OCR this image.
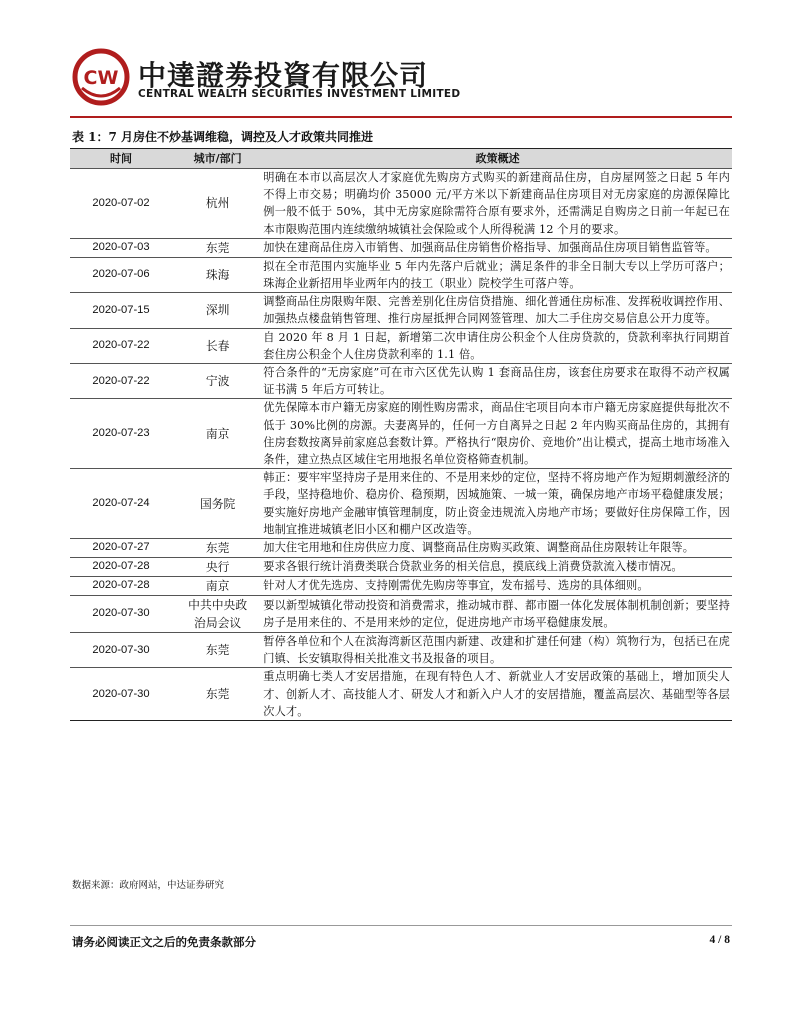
CW 中達證劵投資有限公司
CENTRAL WEALTH SECURITIES INVESTMENT LIMITED
表 1：7 月房住不炒基调维稳，调控及人才政策共同推进
时间	城市/部门	政策概述
2020-07-02	杭州	明确在本市以高层次人才家庭优先购房方式购买的新建商品住房，自房屋网签之日起 5 年内不得上市交易；明确均价 35000 元/平方米以下新建商品住房项目对无房家庭的房源保障比例一般不低于 50%，其中无房家庭除需符合原有要求外，还需满足自购房之日前一年起已在本市限购范围内连续缴纳城镇社会保险或个人所得税满 12 个月的要求。
2020-07-03	东莞	加快在建商品住房入市销售、加强商品住房销售价格指导、加强商品住房项目销售监管等。
2020-07-06	珠海	拟在全市范围内实施毕业 5 年内先落户后就业；满足条件的非全日制大专以上学历可落户；珠海企业新招用毕业两年内的技工（职业）院校学生可落户等。
2020-07-15	深圳	调整商品住房限购年限、完善差别化住房信贷措施、细化普通住房标准、发挥税收调控作用、加强热点楼盘销售管理、推行房屋抵押合同网签管理、加大二手住房交易信息公开力度等。
2020-07-22	长春	自 2020 年 8 月 1 日起，新增第二次申请住房公积金个人住房贷款的，贷款利率执行同期首套住房公积金个人住房贷款利率的 1.1 倍。
2020-07-22	宁波	符合条件的“无房家庭”可在市六区优先认购 1 套商品住房，该套住房要求在取得不动产权属证书满 5 年后方可转让。
2020-07-23	南京	优先保障本市户籍无房家庭的刚性购房需求，商品住宅项目向本市户籍无房家庭提供每批次不低于 30%比例的房源。夫妻离异的，任何一方自离异之日起 2 年内购买商品住房的，其拥有住房套数按离异前家庭总套数计算。严格执行“限房价、竞地价”出让模式，提高土地市场准入条件，建立热点区域住宅用地报名单位资格筛查机制。
2020-07-24	国务院	韩正：要牢牢坚持房子是用来住的、不是用来炒的定位，坚持不将房地产作为短期刺激经济的手段，坚持稳地价、稳房价、稳预期，因城施策、一城一策，确保房地产市场平稳健康发展；要实施好房地产金融审慎管理制度，防止资金违规流入房地产市场；要做好住房保障工作，因地制宜推进城镇老旧小区和棚户区改造等。
2020-07-27	东莞	加大住宅用地和住房供应力度、调整商品住房购买政策、调整商品住房限转让年限等。
2020-07-28	央行	要求各银行统计消费类联合贷款业务的相关信息，摸底线上消费贷款流入楼市情况。
2020-07-28	南京	针对人才优先选房、支持刚需优先购房等事宜，发布摇号、选房的具体细则。
2020-07-30	中共中央政治局会议	要以新型城镇化带动投资和消费需求，推动城市群、都市圈一体化发展体制机制创新；要坚持房子是用来住的、不是用来炒的定位，促进房地产市场平稳健康发展。
2020-07-30	东莞	暂停各单位和个人在滨海湾新区范围内新建、改建和扩建任何建（构）筑物行为，包括已在虎门镇、长安镇取得相关批准文书及报备的项目。
2020-07-30	东莞	重点明确七类人才安居措施，在现有特色人才、新就业人才安居政策的基础上，增加顶尖人才、创新人才、高技能人才、研发人才和新入户人才的安居措施，覆盖高层次、基础型等各层次人才。
数据来源：政府网站，中达证券研究
请务必阅读正文之后的免责条款部分	4 / 8
